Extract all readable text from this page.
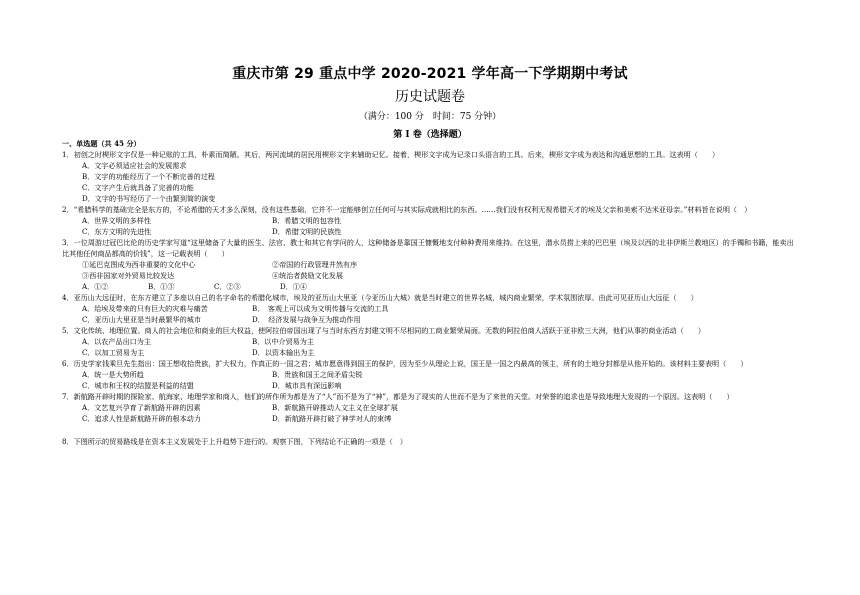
重庆市第 29 重点中学 2020-2021 学年高一下学期期中考试
历史试题卷
（满分：100 分　时间：75 分钟）
第 I 卷（选择题）
一、单选题（共 45 分）
1．初创之时楔形文字仅是一种记账的工具，朴素而简陋。其后，两河流域的居民用楔形文字来辅助记忆。接着，楔形文字成为记录口头语言的工具。后来，楔形文字成为表达和沟通思想的工具。这表明（　　）
A．文字必须适应社会的发展需求
B．文字的功能经历了一个不断完善的过程
C．文字产生后就具备了完善的功能
D．文字的书写经历了一个由繁到简的演变
2．“希腊科学的基础完全是东方的，不论希腊的天才多么深刻，没有这些基础，它并不一定能够创立任何可与其实际成就相比的东西。……我们没有权利无视希腊天才的埃及父亲和美索不达米亚母亲。”材料旨在说明（　）
A．世界文明的多样性	B．希腊文明的包容性
C．东方文明的先进性	D．希腊文明的民族性
3．一位周游过冠巴比伦的历史学家写道“这里储备了大量的医生、法官、教士和其它有学问的人，这种储备是靠国王慷慨地支付种种费用来维持。在这里，潜水员捞上来的巴巴里（埃及以西的北非伊斯兰教地区）的手镯和书籍，能卖出比其他任何商品都高的价钱”，这一记载表明（　　）
①延巴克图成为西非重要的文化中心	②帝国的行政管理井然有序
③西非国家对外贸易比较发达	④统治者鼓励文化发展
A．①②	B．①③	C．②③	D．①④
4．亚历山大远征时，在东方建立了多座以自己的名字命名的希腊化城市，埃及的亚历山大里亚（今亚历山大城）就是当时建立的世界名城，城内商业繁荣，学术氛围浓厚。由此可见亚历山大远征（　　）
A．给埃及带来的只有巨大的灾难与痛苦	B．　客观上可以成为文明传播与交流的工具
C．亚历山大里亚是当时最繁华的城市	D．　经济发展与战争互为推动作用
5．文化传统、地理位置。商人的社会地位和商业的巨大权益，使阿拉伯帝国出现了与当时东西方封建文明不尽相同的工商业繁荣局面。无数的阿拉伯商人活跃于亚非欧三大洲，他们从事的商业活动（　　）
A．以农产品出口为主	B．以中介贸易为主
C．以加工贸易为主	D．以资本输出为主
6．历史学家钱乘旦先生指出：国王想收拾贵族，扩大权力，作真正的一国之君；城市愿意得到国王的保护，因为至少从理论上说，国王是一国之内最高的领主，所有的土地分封都是从他开始的。该材料主要表明（　　）
A．统一是大势所趋	B．贵族和国王之间矛盾尖锐
C．城市和王权的结盟是利益的结盟	D．城市具有深远影响
7．新航路开辟时期的探险家、航海家、地理学家和商人，他们的所作所为都是为了“人”而不是为了“神”，都是为了现实的人世而不是为了来世的天堂。对荣誉的追求也是导致地理大发现的一个原因。这表明（　　）
A．文艺复兴孕育了新航路开辟的因素	B．新航路开辟推动人文主义在全球扩展
C．追求人性是新航路开辟的根本动力	D．新航路开辟打破了神学对人的束缚
8．下图所示的贸易路线是在资本主义发展处于上升趋势下进行的。观察下图，下列结论不正确的一项是（　）
